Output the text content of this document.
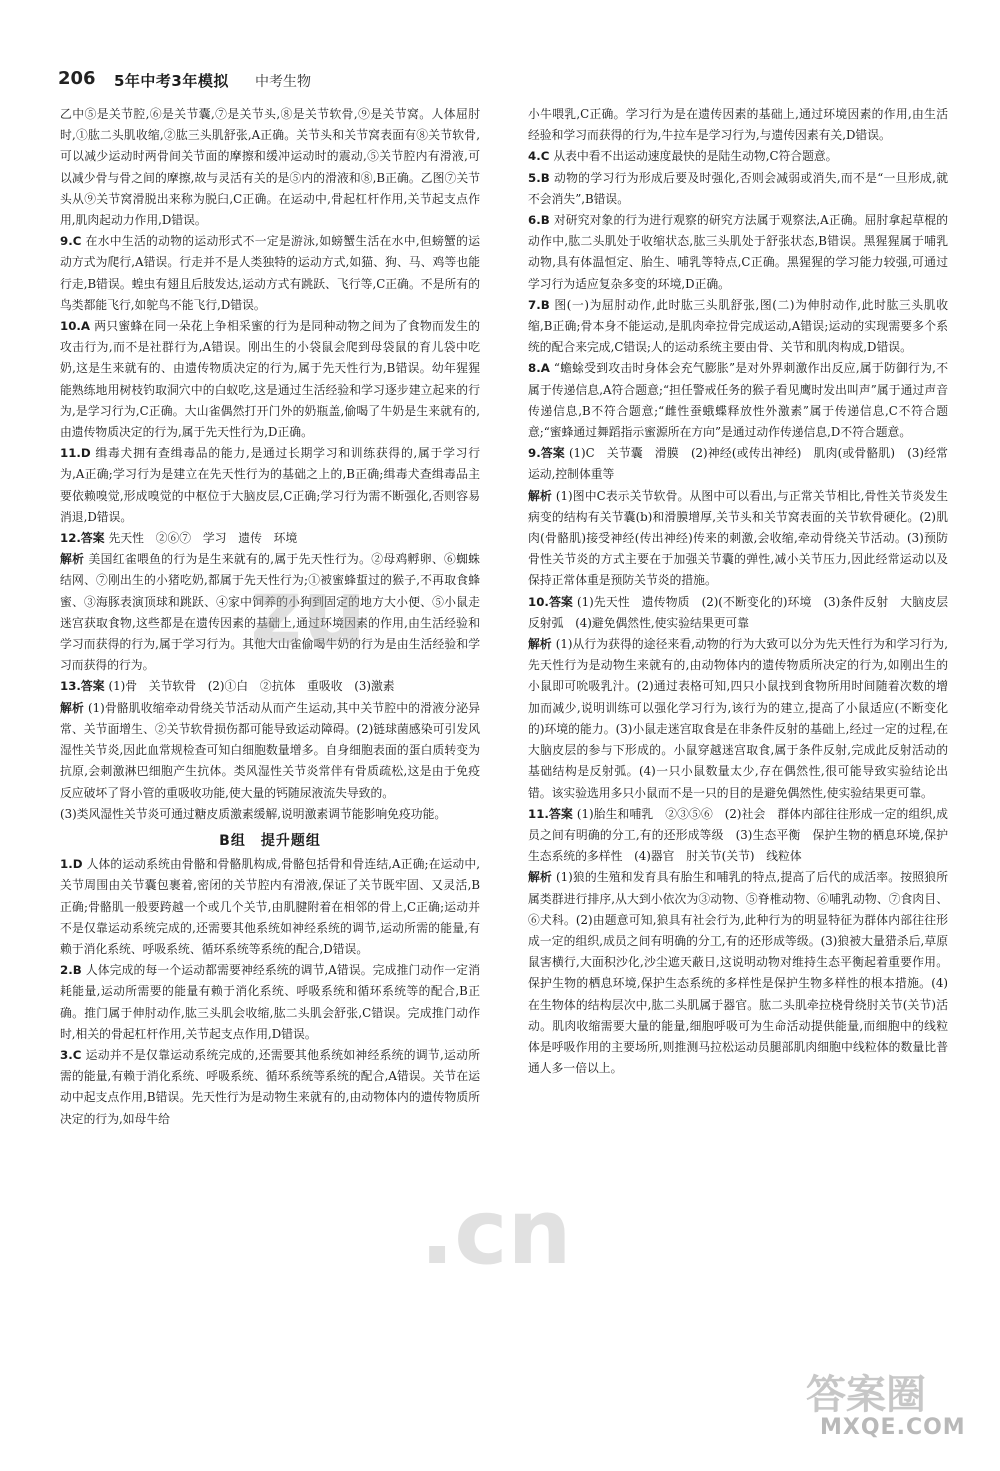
206 5年中考3年模拟 中考生物

乙中⑤是关节腔,⑥是关节囊,⑦是关节头,⑧是关节软骨,⑨是关节窝。人体屈肘时,①肱二头肌收缩,②肱三头肌舒张,A正确。关节头和关节窝表面有⑧关节软骨,可以减少运动时两骨间关节面的摩擦和缓冲运动时的震动,⑤关节腔内有滑液,可以减少骨与骨之间的摩擦,故与灵活有关的是⑤内的滑液和⑧,B正确。乙图⑦关节头从⑨关节窝滑脱出来称为脱臼,C正确。在运动中,骨起杠杆作用,关节起支点作用,肌肉起动力作用,D错误。

9.C 在水中生活的动物的运动形式不一定是游泳,如螃蟹生活在水中,但螃蟹的运动方式为爬行,A错误。行走并不是人类独特的运动方式,如猫、狗、马、鸡等也能行走,B错误。蝗虫有翅且后肢发达,运动方式有跳跃、飞行等,C正确。不是所有的鸟类都能飞行,如鸵鸟不能飞行,D错误。

10.A 两只蜜蜂在同一朵花上争相采蜜的行为是同种动物之间为了食物而发生的攻击行为,而不是社群行为,A错误。刚出生的小袋鼠会爬到母袋鼠的育儿袋中吃奶,这是生来就有的、由遗传物质决定的行为,属于先天性行为,B错误。幼年猩猩能熟练地用树枝钓取洞穴中的白蚁吃,这是通过生活经验和学习逐步建立起来的行为,是学习行为,C正确。大山雀偶然打开门外的奶瓶盖,偷喝了牛奶是生来就有的,由遗传物质决定的行为,属于先天性行为,D正确。

11.D 缉毒犬拥有查缉毒品的能力,是通过长期学习和训练获得的,属于学习行为,A正确;学习行为是建立在先天性行为的基础之上的,B正确;缉毒犬查缉毒品主要依赖嗅觉,形成嗅觉的中枢位于大脑皮层,C正确;学习行为需不断强化,否则容易消退,D错误。

12.答案 先天性　②⑥⑦　学习　遗传　环境
解析 美国红雀喂鱼的行为是生来就有的,属于先天性行为。②母鸡孵卵、⑥蜘蛛结网、⑦刚出生的小猪吃奶,都属于先天性行为;①被蜜蜂蜇过的猴子,不再取食蜂蜜、③海豚表演顶球和跳跃、④家中饲养的小狗到固定的地方大小便、⑤小鼠走迷宫获取食物,这些都是在遗传因素的基础上,通过环境因素的作用,由生活经验和学习而获得的行为,属于学习行为。其他大山雀偷喝牛奶的行为是由生活经验和学习而获得的行为。

13.答案 (1)骨　关节软骨　(2)①白　②抗体　重吸收　(3)激素
解析 (1)骨骼肌收缩牵动骨绕关节活动从而产生运动,其中关节腔中的滑液分泌异常、关节面增生、②关节软骨损伤都可能导致运动障碍。(2)链球菌感染可引发风湿性关节炎,因此血常规检查可知白细胞数量增多。自身细胞表面的蛋白质转变为抗原,会刺激淋巴细胞产生抗体。类风湿性关节炎常伴有骨质疏松,这是由于免疫反应破坏了肾小管的重吸收功能,使大量的钙随尿液流失导致的。
(3)类风湿性关节炎可通过糖皮质激素缓解,说明激素调节能影响免疫功能。

B组　提升题组

1.D 人体的运动系统由骨骼和骨骼肌构成,骨骼包括骨和骨连结,A正确;在运动中,关节周围由关节囊包裹着,密闭的关节腔内有滑液,保证了关节既牢固、又灵活,B正确;骨骼肌一般要跨越一个或几个关节,由肌腱附着在相邻的骨上,C正确;运动并不是仅靠运动系统完成的,还需要其他系统如神经系统的调节,运动所需的能量,有赖于消化系统、呼吸系统、循环系统等系统的配合,D错误。

2.B 人体完成的每一个运动都需要神经系统的调节,A错误。完成推门动作一定消耗能量,运动所需要的能量有赖于消化系统、呼吸系统和循环系统等的配合,B正确。推门属于伸肘动作,肱三头肌会收缩,肱二头肌会舒张,C错误。完成推门动作时,相关的骨起杠杆作用,关节起支点作用,D错误。

3.C 运动并不是仅靠运动系统完成的,还需要其他系统如神经系统的调节,运动所需的能量,有赖于消化系统、呼吸系统、循环系统等系统的配合,A错误。关节在运动中起支点作用,B错误。先天性行为是动物生来就有的,由动物体内的遗传物质所决定的行为,如母牛给

小牛喂乳,C正确。学习行为是在遗传因素的基础上,通过环境因素的作用,由生活经验和学习而获得的行为,牛拉车是学习行为,与遗传因素有关,D错误。

4.C 从表中看不出运动速度最快的是陆生动物,C符合题意。

5.B 动物的学习行为形成后要及时强化,否则会减弱或消失,而不是“一旦形成,就不会消失”,B错误。

6.B 对研究对象的行为进行观察的研究方法属于观察法,A正确。屈肘拿起草棍的动作中,肱二头肌处于收缩状态,肱三头肌处于舒张状态,B错误。黑猩猩属于哺乳动物,具有体温恒定、胎生、哺乳等特点,C正确。黑猩猩的学习能力较强,可通过学习行为适应复杂多变的环境,D正确。

7.B 图(一)为屈肘动作,此时肱三头肌舒张,图(二)为伸肘动作,此时肱三头肌收缩,B正确;骨本身不能运动,是肌肉牵拉骨完成运动,A错误;运动的实现需要多个系统的配合来完成,C错误;人的运动系统主要由骨、关节和肌肉构成,D错误。

8.A “蟾蜍受到攻击时身体会充气膨胀”是对外界刺激作出反应,属于防御行为,不属于传递信息,A符合题意;“担任警戒任务的猴子看见鹰时发出叫声”属于通过声音传递信息,B不符合题意;“雌性蚕蛾蝶释放性外激素”属于传递信息,C不符合题意;“蜜蜂通过舞蹈指示蜜源所在方向”是通过动作传递信息,D不符合题意。

9.答案 (1)C　关节囊　滑膜　(2)神经(或传出神经)　肌肉(或骨骼肌)　(3)经常运动,控制体重等
解析 (1)图中C表示关节软骨。从图中可以看出,与正常关节相比,骨性关节炎发生病变的结构有关节囊(b)和滑膜增厚,关节头和关节窝表面的关节软骨硬化。(2)肌肉(骨骼肌)接受神经(传出神经)传来的刺激,会收缩,牵动骨绕关节活动。(3)预防骨性关节炎的方式主要在于加强关节囊的弹性,减小关节压力,因此经常运动以及保持正常体重是预防关节炎的措施。

10.答案 (1)先天性　遗传物质　(2)(不断变化的)环境　(3)条件反射　大脑皮层　反射弧　(4)避免偶然性,使实验结果更可靠
解析 (1)从行为获得的途径来看,动物的行为大致可以分为先天性行为和学习行为,先天性行为是动物生来就有的,由动物体内的遗传物质所决定的行为,如刚出生的小鼠即可吮吸乳汁。(2)通过表格可知,四只小鼠找到食物所用时间随着次数的增加而减少,说明训练可以强化学习行为,该行为的建立,提高了小鼠适应(不断变化的)环境的能力。(3)小鼠走迷宫取食是在非条件反射的基础上,经过一定的过程,在大脑皮层的参与下形成的。小鼠穿越迷宫取食,属于条件反射,完成此反射活动的基础结构是反射弧。(4)一只小鼠数量太少,存在偶然性,很可能导致实验结论出错。该实验选用多只小鼠而不是一只的目的是避免偶然性,使实验结果更可靠。

11.答案 (1)胎生和哺乳　②③⑤⑥　(2)社会　群体内部往往形成一定的组织,成员之间有明确的分工,有的还形成等级　(3)生态平衡　保护生物的栖息环境,保护生态系统的多样性　(4)器官　肘关节(关节)　线粒体
解析 (1)狼的生殖和发育具有胎生和哺乳的特点,提高了后代的成活率。按照狼所属类群进行排序,从大到小依次为③动物、⑤脊椎动物、⑥哺乳动物、⑦食肉目、⑥犬科。(2)由题意可知,狼具有社会行为,此种行为的明显特征为群体内部往往形成一定的组织,成员之间有明确的分工,有的还形成等级。(3)狼被大量猎杀后,草原鼠害横行,大面积沙化,沙尘遮天蔽日,这说明动物对维持生态平衡起着重要作用。保护生物的栖息环境,保护生态系统的多样性是保护生物多样性的根本措施。(4)在生物体的结构层次中,肱二头肌属于器官。肱二头肌牵拉桡骨绕肘关节(关节)活动。肌肉收缩需要大量的能量,细胞呼吸可为生命活动提供能量,而细胞中的线粒体是呼吸作用的主要场所,则推测马拉松运动员腿部肌肉细胞中线粒体的数量比普通人多一倍以上。

zu
.cn
答案圈
MXQE.COM
